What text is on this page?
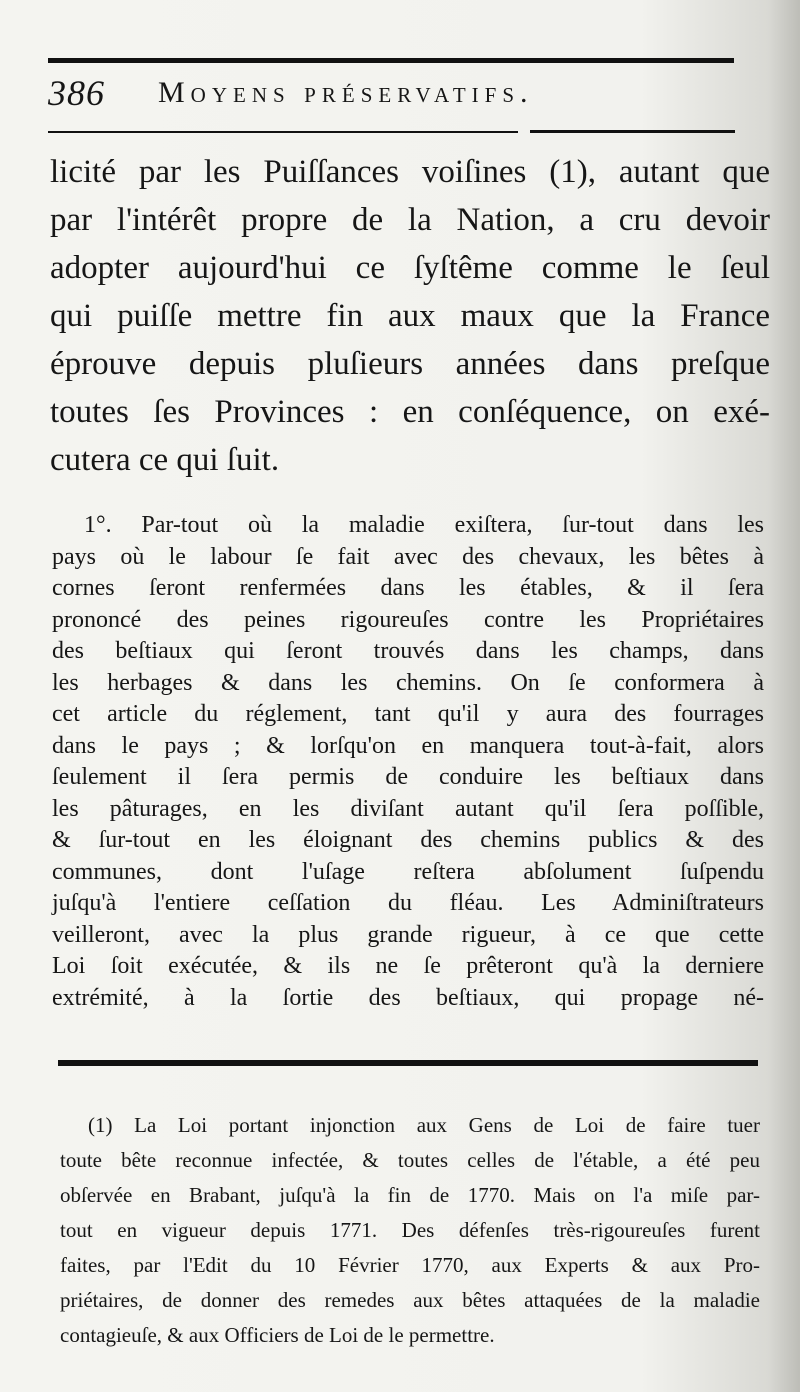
386 Moyens préservatifs.
licité par les Puiſſances voiſines (1), autant que
par l'intérêt propre de la Nation, a cru devoir
adopter aujourd'hui ce ſyſtême comme le ſeul
qui puiſſe mettre fin aux maux que la France
éprouve depuis pluſieurs années dans preſque
toutes ſes Provinces : en conſéquence, on exé-
cutera ce qui ſuit.
1°. Par-tout où la maladie exiſtera, ſur-tout dans les
pays où le labour ſe fait avec des chevaux, les bêtes à
cornes ſeront renfermées dans les étables, & il ſera
prononcé des peines rigoureuſes contre les Propriétaires
des beſtiaux qui ſeront trouvés dans les champs, dans
les herbages & dans les chemins. On ſe conformera à
cet article du réglement, tant qu'il y aura des fourrages
dans le pays ; & lorſqu'on en manquera tout-à-fait, alors
ſeulement il ſera permis de conduire les beſtiaux dans
les pâturages, en les diviſant autant qu'il ſera poſſible,
& ſur-tout en les éloignant des chemins publics & des
communes, dont l'uſage reſtera abſolument ſuſpendu
juſqu'à l'entiere ceſſation du fléau. Les Adminiſtrateurs
veilleront, avec la plus grande rigueur, à ce que cette
Loi ſoit exécutée, & ils ne ſe prêteront qu'à la derniere
extrémité, à la ſortie des beſtiaux, qui propage né-
(1) La Loi portant injonction aux Gens de Loi de faire tuer
toute bête reconnue infectée, & toutes celles de l'étable, a été peu
obſervée en Brabant, juſqu'à la fin de 1770. Mais on l'a miſe par-
tout en vigueur depuis 1771. Des défenſes très-rigoureuſes furent
faites, par l'Edit du 10 Février 1770, aux Experts & aux Pro-
priétaires, de donner des remedes aux bêtes attaquées de la maladie
contagieuſe, & aux Officiers de Loi de le permettre.
